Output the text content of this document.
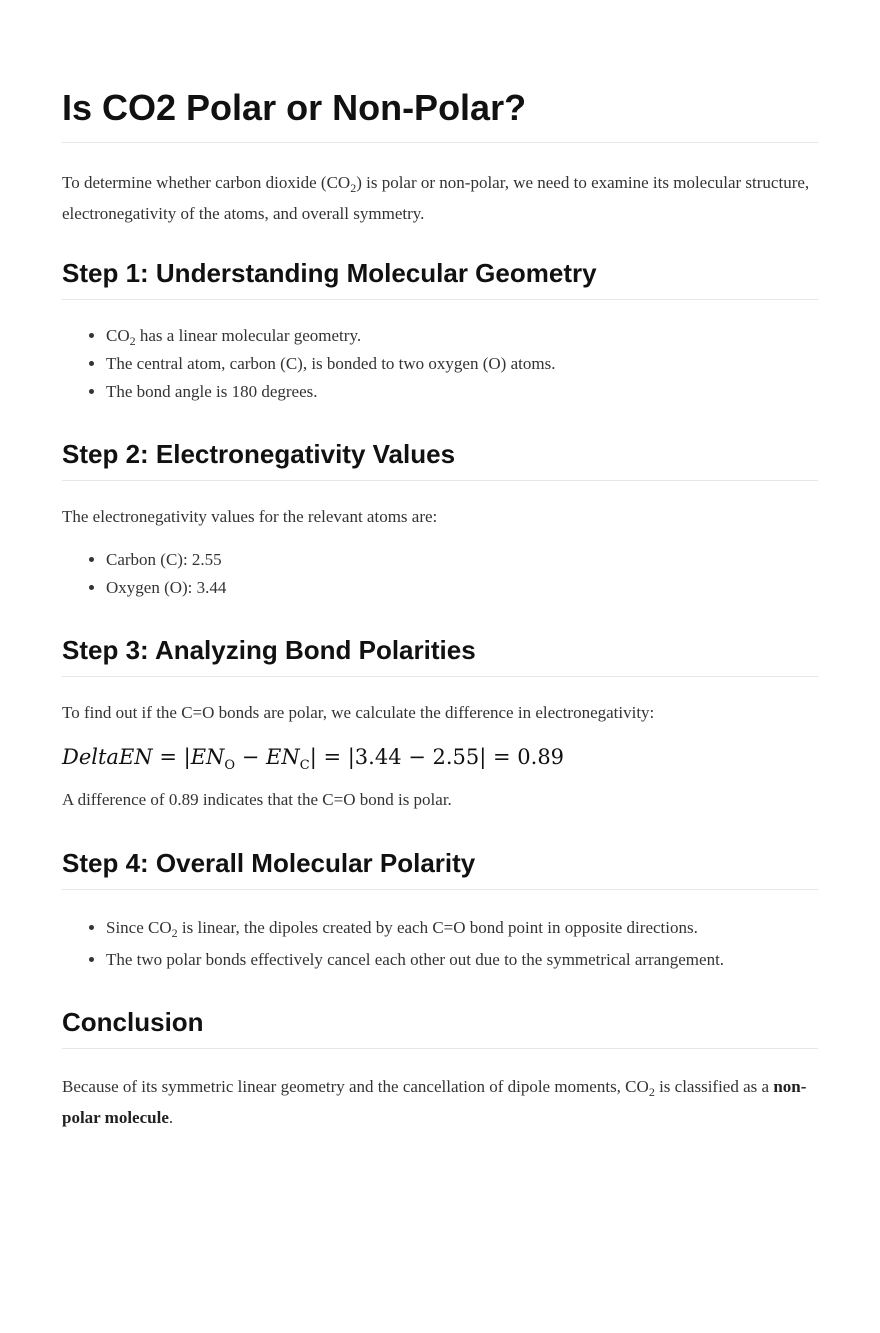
Is CO2 Polar or Non-Polar?

To determine whether carbon dioxide $(CO_2)$ is polar or non-polar, we need to examine its molecular structure, electronegativity of the atoms, and overall symmetry.

Step 1: Understanding Molecular Geometry
• $CO_2$ has a linear molecular geometry.
• The central atom, carbon (C), is bonded to two oxygen (O) atoms.
• The bond angle is 180 degrees.
Step 2: Electronegativity Values

The electronegativity values for the relevant atoms are:

• Carbon (C): 2.55
• Oxygen (O): 3.44
Step 3: Analyzing Bond Polarities

To find out if the C=O bonds are polar, we calculate the difference in electronegativity:

DeltaEN = $|EN_O - EN_C| = |3.44 - 2.55| = 0.89$

A difference of 0.89 indicates that the C=O bond is polar.

Step 4: Overall Molecular Polarity
• Since $CO_2$ is linear, the dipoles created by each C=O bond point in opposite directions.
• The two polar bonds effectively cancel each other out due to the symmetrical arrangement.
Conclusion

Because of its symmetric linear geometry and the cancellation of dipole moments, $CO_2$ is classified as a non-polar molecule.
